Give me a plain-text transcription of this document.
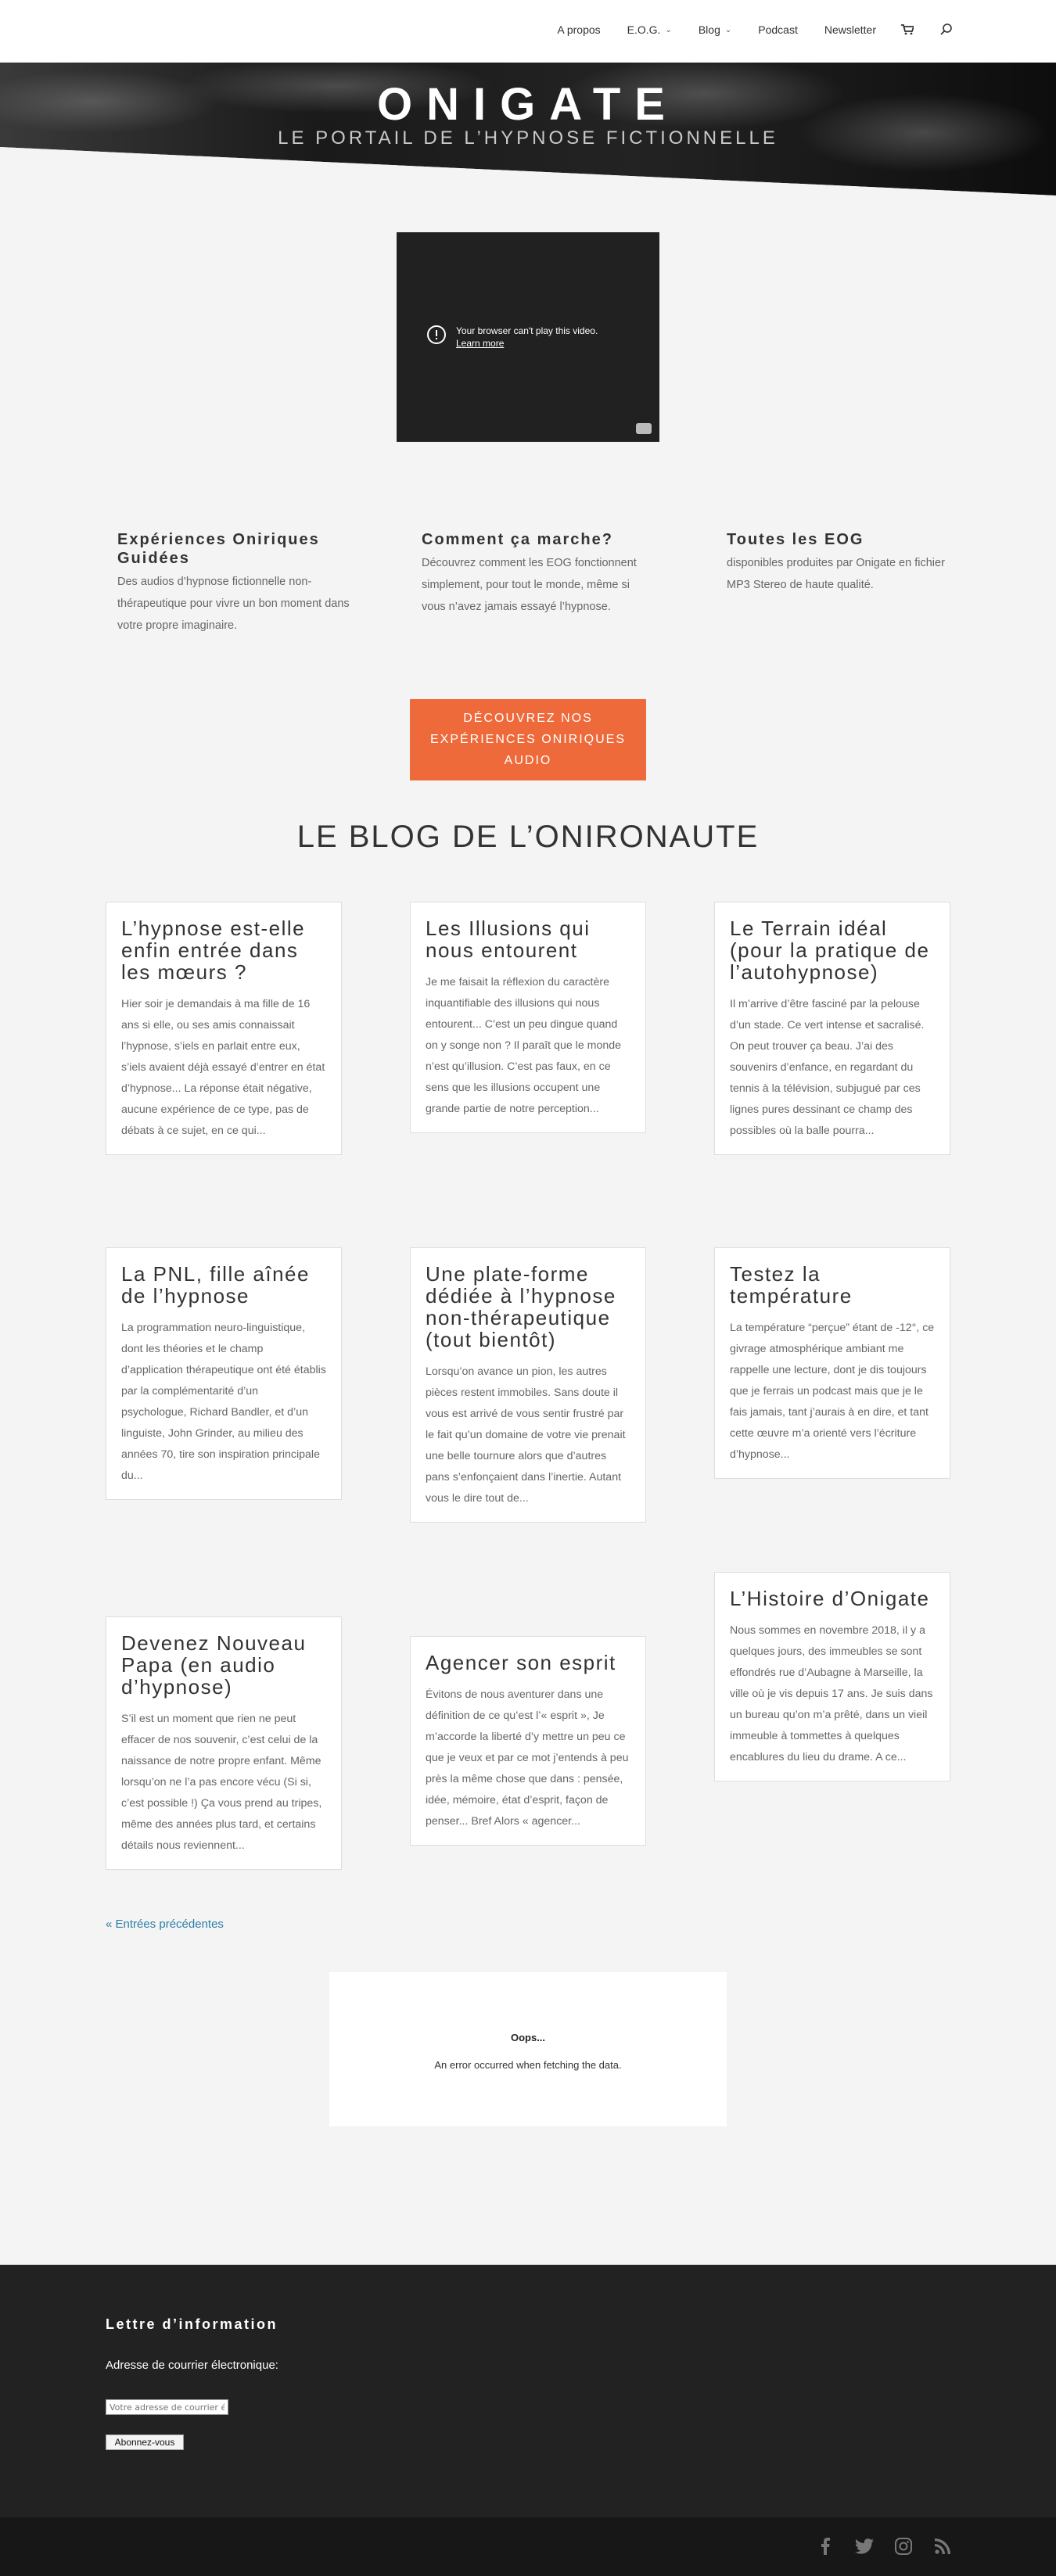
A propos E.O.G. ⌄ Blog ⌄ Podcast Newsletter
ONIGATE
LE PORTAIL DE L’HYPNOSE FICTIONNELLE
Your browser can't play this video.
Learn more
Expériences Oniriques Guidées

Des audios d’hypnose fictionnelle non-thérapeutique pour vivre un bon moment dans votre propre imaginaire.

Comment ça marche?

Découvrez comment les EOG fonctionnent simplement, pour tout le monde, même si vous n’avez jamais essayé l’hypnose.

Toutes les EOG

disponibles produites par Onigate en fichier MP3 Stereo de haute qualité.

DÉCOUVREZ NOS EXPÉRIENCES ONIRIQUES AUDIO
LE BLOG DE L’ONIRONAUTE
L’hypnose est-elle enfin entrée dans les mœurs ?

Hier soir je demandais à ma fille de 16 ans si elle, ou ses amis connaissait l’hypnose, s’iels en parlait entre eux, s’iels avaient déjà essayé d’entrer en état d’hypnose... La réponse était négative, aucune expérience de ce type, pas de débats à ce sujet, en ce qui...

Les Illusions qui nous entourent

Je me faisait la réflexion du caractère inquantifiable des illusions qui nous entourent... C’est un peu dingue quand on y songe non ? Il paraît que le monde n’est qu’illusion. C’est pas faux, en ce sens que les illusions occupent une grande partie de notre perception...

Le Terrain idéal (pour la pratique de l’autohypnose)

Il m’arrive d’être fasciné par la pelouse d’un stade. Ce vert intense et sacralisé. On peut trouver ça beau. J’ai des souvenirs d’enfance, en regardant du tennis à la télévision, subjugué par ces lignes pures dessinant ce champ des possibles où la balle pourra...

La PNL, fille aînée de l’hypnose

La programmation neuro-linguistique, dont les théories et le champ d’application thérapeutique ont été établis par la complémentarité d’un psychologue, Richard Bandler, et d’un linguiste, John Grinder, au milieu des années 70, tire son inspiration principale du...

Une plate-forme dédiée à l’hypnose non-thérapeutique (tout bientôt)

Lorsqu’on avance un pion, les autres pièces restent immobiles. Sans doute il vous est arrivé de vous sentir frustré par le fait qu’un domaine de votre vie prenait une belle tournure alors que d’autres pans s’enfonçaient dans l’inertie. Autant vous le dire tout de...

Testez la température

La température “perçue” étant de -12°, ce givrage atmosphérique ambiant me rappelle une lecture, dont je dis toujours que je ferrais un podcast mais que je le fais jamais, tant j’aurais à en dire, et tant cette œuvre m’a orienté vers l’écriture d’hypnose...

Devenez Nouveau Papa (en audio d’hypnose)

S’il est un moment que rien ne peut effacer de nos souvenir, c’est celui de la naissance de notre propre enfant. Même lorsqu’on ne l’a pas encore vécu (Si si, c’est possible !) Ça vous prend au tripes, même des années plus tard, et certains détails nous reviennent...

Agencer son esprit

Évitons de nous aventurer dans une définition de ce qu’est l’« esprit », Je m’accorde la liberté d’y mettre un peu ce que je veux et par ce mot j’entends à peu près la même chose que dans : pensée, idée, mémoire, état d’esprit, façon de penser... Bref Alors « agencer...

L’Histoire d’Onigate

Nous sommes en novembre 2018, il y a quelques jours, des immeubles se sont effondrés rue d’Aubagne à Marseille, la ville où je vis depuis 17 ans. Je suis dans un bureau qu’on m’a prêté, dans un vieil immeuble à tommettes à quelques encablures du lieu du drame. A ce...

« Entrées précédentes
Oops...
An error occurred when fetching the data.
Lettre d’information
Adresse de courrier électronique:
Votre adresse de courrier électronique
Abonnez-vous
